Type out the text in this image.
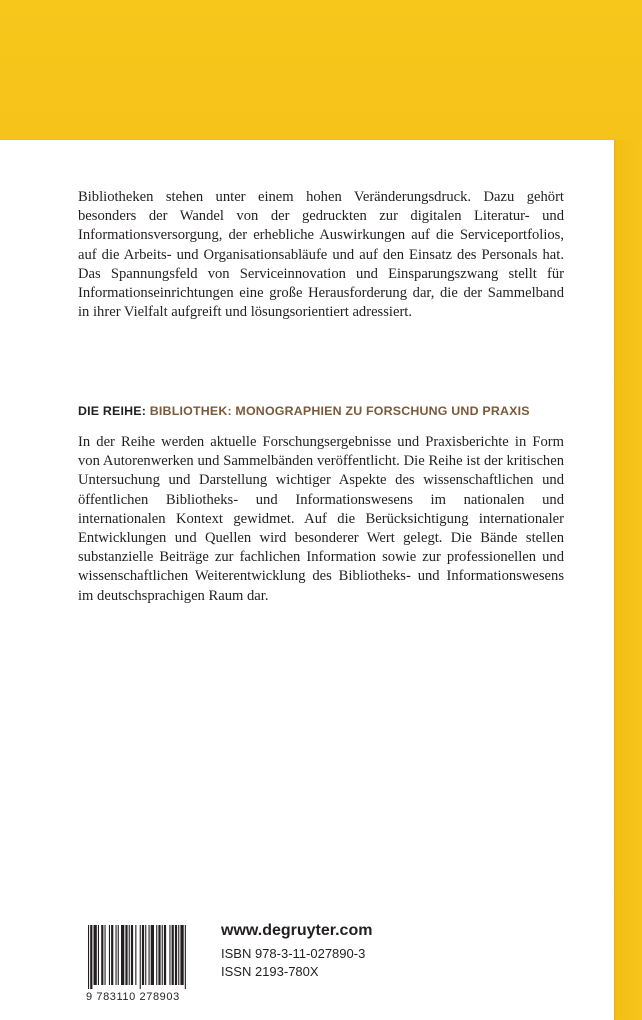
Bibliotheken stehen unter einem hohen Veränderungsdruck. Dazu gehört besonders der Wandel von der gedruckten zur digitalen Literatur- und Informationsversorgung, der erhebliche Auswirkungen auf die Serviceportfolios, auf die Arbeits- und Organisationsabläufe und auf den Einsatz des Personals hat. Das Spannungsfeld von Serviceinnovation und Einsparungszwang stellt für Informationseinrichtungen eine große Herausforderung dar, die der Sammelband in ihrer Vielfalt aufgreift und lösungsorientiert adressiert.

DIE REIHE: BIBLIOTHEK: MONOGRAPHIEN ZU FORSCHUNG UND PRAXIS

In der Reihe werden aktuelle Forschungsergebnisse und Praxisberichte in Form von Autorenwerken und Sammelbänden veröffentlicht. Die Reihe ist der kritischen Untersuchung und Darstellung wichtiger Aspekte des wissenschaftlichen und öffentlichen Bibliotheks- und Informationswesens im nationalen und internationalen Kontext gewidmet. Auf die Berücksichtigung internationaler Entwicklungen und Quellen wird besonderer Wert gelegt. Die Bände stellen substanzielle Beiträge zur fachlichen Information sowie zur professionellen und wissenschaftlichen Weiterentwicklung des Bibliotheks- und Informationswesens im deutschsprachigen Raum dar.

9 783110 278903
www.degruyter.com
ISBN 978-3-11-027890-3
ISSN 2193-780X
